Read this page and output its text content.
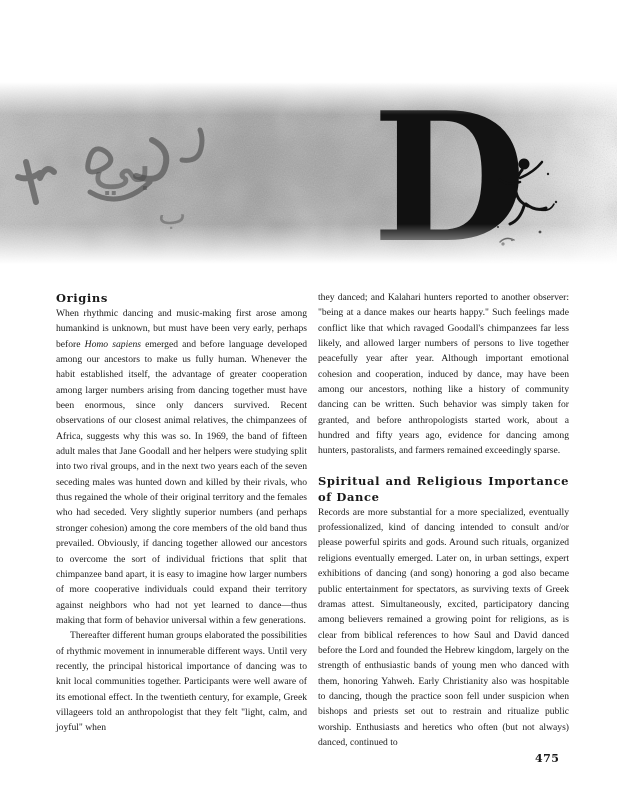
Origins

When rhythmic dancing and music-making first arose among humankind is unknown, but must have been very early, perhaps before Homo sapiens emerged and before language developed among our ancestors to make us fully human. Whenever the habit established itself, the advantage of greater cooperation among larger numbers arising from dancing together must have been enormous, since only dancers survived. Recent observations of our closest animal relatives, the chimpanzees of Africa, suggests why this was so. In 1969, the band of fifteen adult males that Jane Goodall and her helpers were studying split into two rival groups, and in the next two years each of the seven seceding males was hunted down and killed by their rivals, who thus regained the whole of their original territory and the females who had seceded. Very slightly superior numbers (and perhaps stronger cohesion) among the core members of the old band thus prevailed. Obviously, if dancing together allowed our ancestors to overcome the sort of individual frictions that split that chimpanzee band apart, it is easy to imagine how larger numbers of more cooperative individuals could expand their territory against neighbors who had not yet learned to dance—thus making that form of behavior universal within a few generations.

Thereafter different human groups elaborated the possibilities of rhythmic movement in innumerable different ways. Until very recently, the principal historical importance of dancing was to knit local communities together. Participants were well aware of its emotional effect. In the twentieth century, for example, Greek villageers told an anthropologist that they felt "light, calm, and joyful" when

they danced; and Kalahari hunters reported to another observer: "being at a dance makes our hearts happy." Such feelings made conflict like that which ravaged Goodall's chimpanzees far less likely, and allowed larger numbers of persons to live together peacefully year after year. Although important emotional cohesion and cooperation, induced by dance, may have been among our ancestors, nothing like a history of community dancing can be written. Such behavior was simply taken for granted, and before anthropologists started work, about a hundred and fifty years ago, evidence for dancing among hunters, pastoralists, and farmers remained exceedingly sparse.

Spiritual and Religious Importance of Dance

Records are more substantial for a more specialized, eventually professionalized, kind of dancing intended to consult and/or please powerful spirits and gods. Around such rituals, organized religions eventually emerged. Later on, in urban settings, expert exhibitions of dancing (and song) honoring a god also became public entertainment for spectators, as surviving texts of Greek dramas attest. Simultaneously, excited, participatory dancing among believers remained a growing point for religions, as is clear from biblical references to how Saul and David danced before the Lord and founded the Hebrew kingdom, largely on the strength of enthusiastic bands of young men who danced with them, honoring Yahweh. Early Christianity also was hospitable to dancing, though the practice soon fell under suspicion when bishops and priests set out to restrain and ritualize public worship. Enthusiasts and heretics who often (but not always) danced, continued to

475
